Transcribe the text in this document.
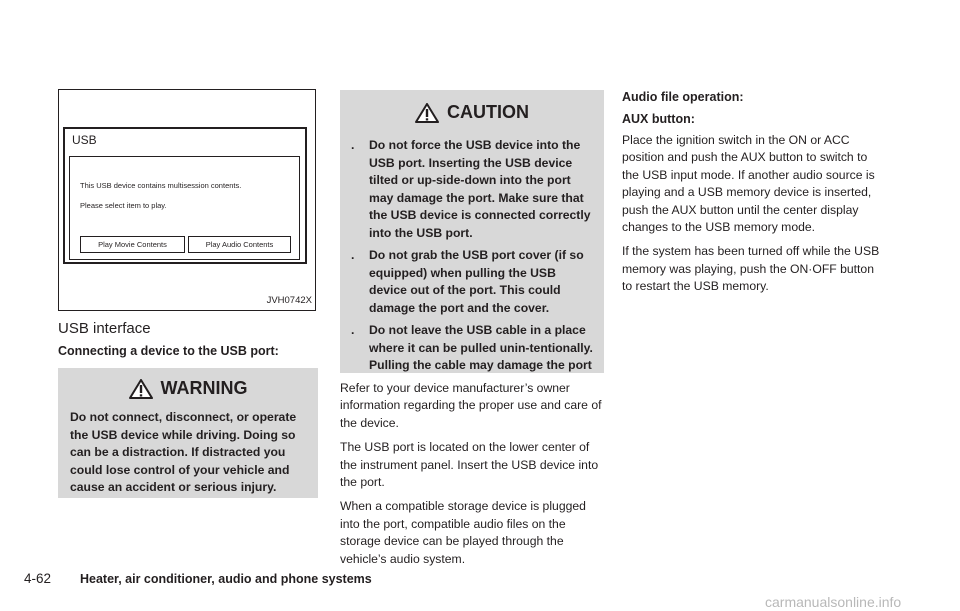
USB
This USB device contains multisession contents.
Please select item to play.
Play Movie Contents	Play Audio Contents
JVH0742X
USB interface
Connecting a device to the USB port:
WARNING
Do not connect, disconnect, or operate the USB device while driving. Doing so can be a distraction. If distracted you could lose control of your vehicle and cause an accident or serious injury.
CAUTION
. Do not force the USB device into the USB port. Inserting the USB device tilted or up-side-down into the port may damage the port. Make sure that the USB device is connected correctly into the USB port.
. Do not grab the USB port cover (if so equipped) when pulling the USB device out of the port. This could damage the port and the cover.
. Do not leave the USB cable in a place where it can be pulled unin-tentionally. Pulling the cable may damage the port

Refer to your device manufacturer’s owner information regarding the proper use and care of the device.

The USB port is located on the lower center of the instrument panel. Insert the USB device into the port.

When a compatible storage device is plugged into the port, compatible audio files on the storage device can be played through the vehicle’s audio system.

Audio file operation:
AUX button:

Place the ignition switch in the ON or ACC position and push the AUX button to switch to the USB input mode. If another audio source is playing and a USB memory device is inserted, push the AUX button until the center display changes to the USB memory mode.

If the system has been turned off while the USB memory was playing, push the ON·OFF button to restart the USB memory.

4-62 Heater, air conditioner, audio and phone systems
carmanualsonline.info
